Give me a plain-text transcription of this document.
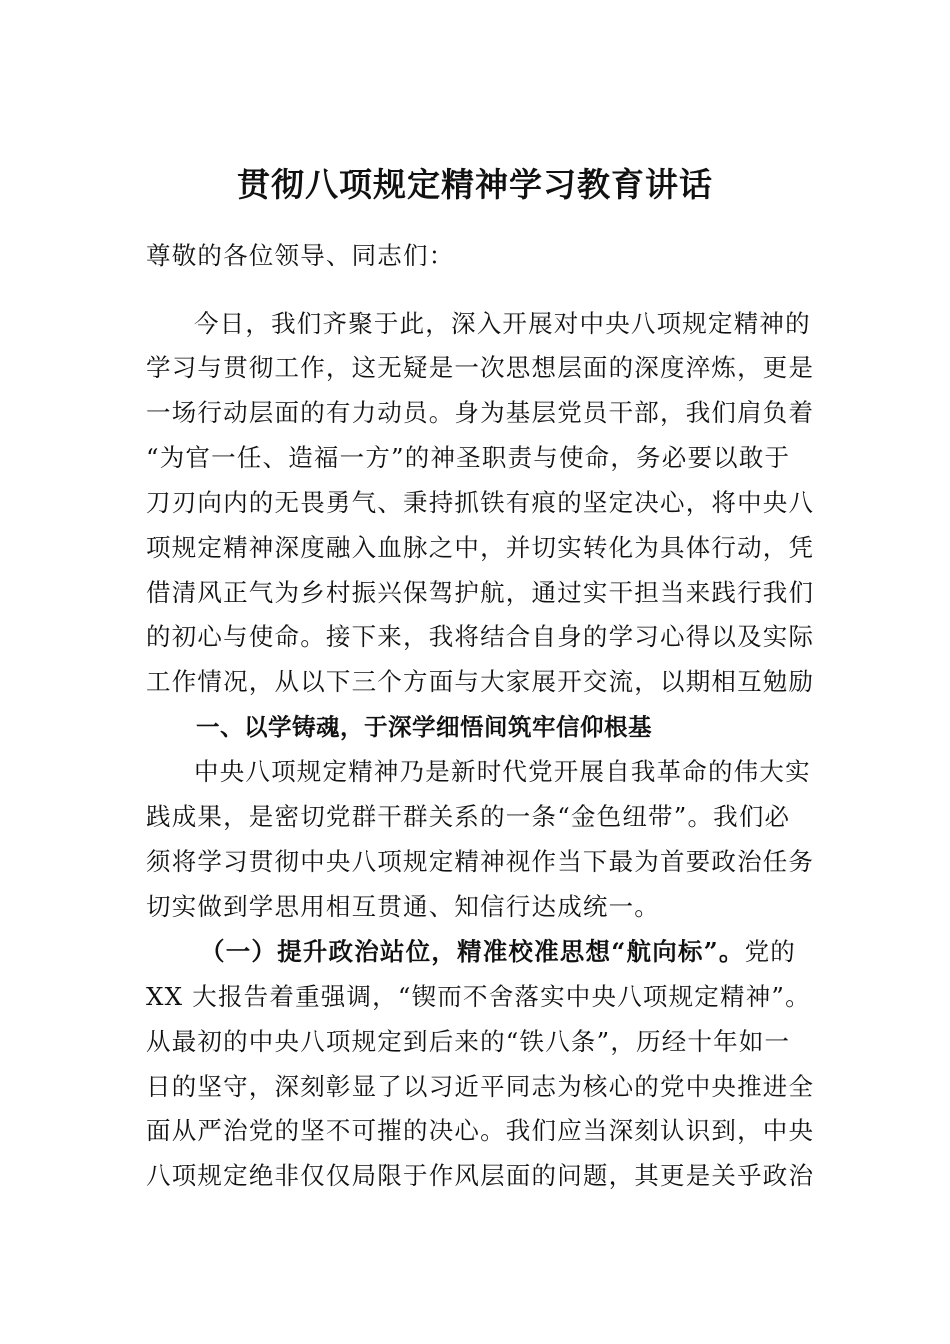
贯彻八项规定精神学习教育讲话
尊敬的各位领导、同志们：
今日，我们齐聚于此，深入开展对中央八项规定精神的
学习与贯彻工作，这无疑是一次思想层面的深度淬炼，更是
一场行动层面的有力动员。身为基层党员干部，我们肩负着
“为官一任、造福一方”的神圣职责与使命，务必要以敢于
刀刃向内的无畏勇气、秉持抓铁有痕的坚定决心，将中央八
项规定精神深度融入血脉之中，并切实转化为具体行动，凭
借清风正气为乡村振兴保驾护航，通过实干担当来践行我们
的初心与使命。接下来，我将结合自身的学习心得以及实际
工作情况，从以下三个方面与大家展开交流，以期相互勉励
一、以学铸魂，于深学细悟间筑牢信仰根基
中央八项规定精神乃是新时代党开展自我革命的伟大实
践成果，是密切党群干群关系的一条“金色纽带”。我们必
须将学习贯彻中央八项规定精神视作当下最为首要政治任务
切实做到学思用相互贯通、知信行达成统一。
（一）提升政治站位，精准校准思想“航向标”。党的
XX 大报告着重强调，“锲而不舍落实中央八项规定精神”。
从最初的中央八项规定到后来的“铁八条”，历经十年如一
日的坚守，深刻彰显了以习近平同志为核心的党中央推进全
面从严治党的坚不可摧的决心。我们应当深刻认识到，中央
八项规定绝非仅仅局限于作风层面的问题，其更是关乎政治
